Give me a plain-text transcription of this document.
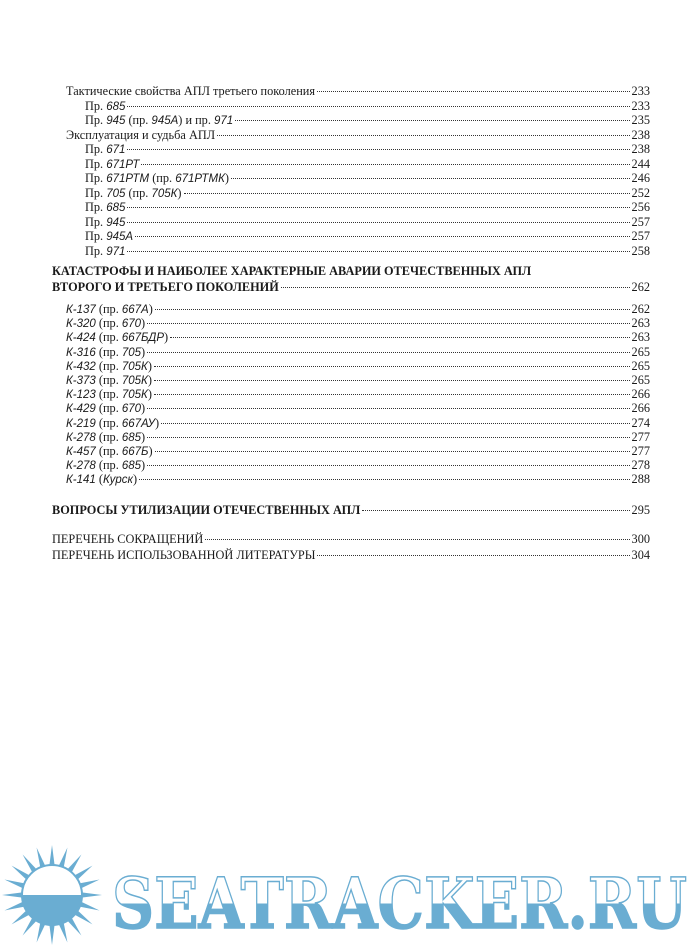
Тактические свойства АПЛ третьего поколения	233
Пр. 685	233
Пр. 945 (пр. 945А) и пр. 971	235
Эксплуатация и судьба АПЛ	238
Пр. 671	238
Пр. 671РТ	244
Пр. 671РТМ (пр. 671РТМК)	246
Пр. 705 (пр. 705К)	252
Пр. 685	256
Пр. 945	257
Пр. 945А	257
Пр. 971	258
КАТАСТРОФЫ И НАИБОЛЕЕ ХАРАКТЕРНЫЕ АВАРИИ ОТЕЧЕСТВЕННЫХ АПЛ
ВТОРОГО И ТРЕТЬЕГО ПОКОЛЕНИЙ	262
К-137 (пр. 667А)	262
К-320 (пр. 670)	263
К-424 (пр. 667БДР)	263
К-316 (пр. 705)	265
К-432 (пр. 705К)	265
К-373 (пр. 705К)	265
К-123 (пр. 705К)	266
К-429 (пр. 670)	266
К-219 (пр. 667АУ)	274
К-278 (пр. 685)	277
К-457 (пр. 667Б)	277
К-278 (пр. 685)	278
К-141 (Курск)	288
ВОПРОСЫ УТИЛИЗАЦИИ ОТЕЧЕСТВЕННЫХ АПЛ	295
ПЕРЕЧЕНЬ СОКРАЩЕНИЙ	300
ПЕРЕЧЕНЬ ИСПОЛЬЗОВАННОЙ ЛИТЕРАТУРЫ	304
SEATRACKER.RU
